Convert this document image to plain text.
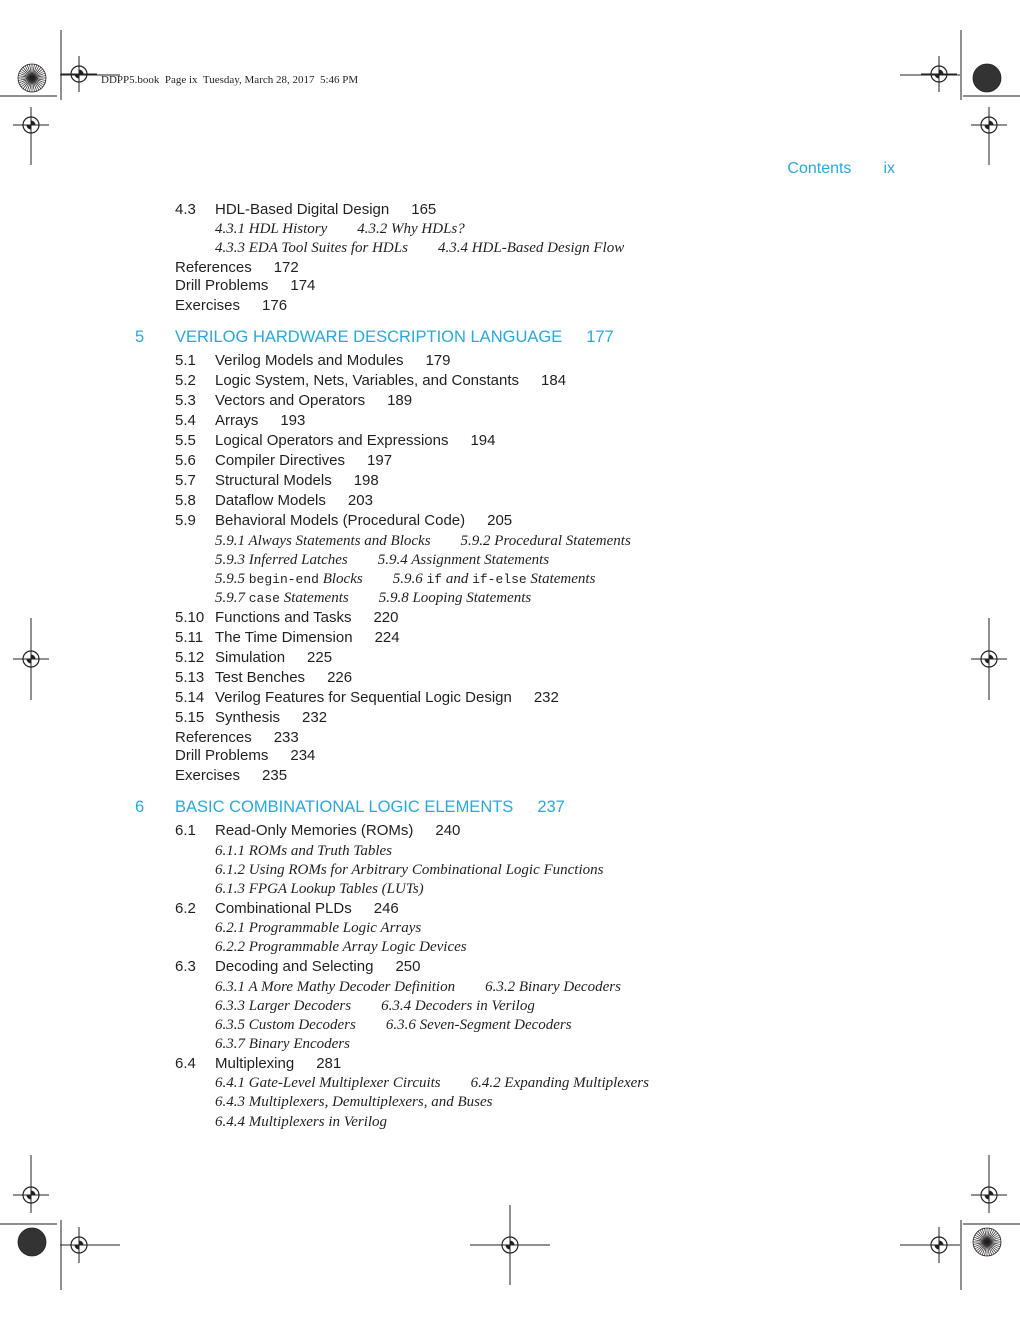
DDPP5.book  Page ix  Tuesday, March 28, 2017  5:46 PM
Contents ix
4.3 HDL-Based Digital Design 165
4.3.1 HDL History 4.3.2 Why HDLs?
4.3.3 EDA Tool Suites for HDLs 4.3.4 HDL-Based Design Flow
References 172
Drill Problems 174
Exercises 176
5 VERILOG HARDWARE DESCRIPTION LANGUAGE 177
5.1 Verilog Models and Modules 179
5.2 Logic System, Nets, Variables, and Constants 184
5.3 Vectors and Operators 189
5.4 Arrays 193
5.5 Logical Operators and Expressions 194
5.6 Compiler Directives 197
5.7 Structural Models 198
5.8 Dataflow Models 203
5.9 Behavioral Models (Procedural Code) 205
5.9.1 Always Statements and Blocks 5.9.2 Procedural Statements
5.9.3 Inferred Latches 5.9.4 Assignment Statements
5.9.5 begin-end Blocks 5.9.6 if and if-else Statements
5.9.7 case Statements 5.9.8 Looping Statements
5.10 Functions and Tasks 220
5.11 The Time Dimension 224
5.12 Simulation 225
5.13 Test Benches 226
5.14 Verilog Features for Sequential Logic Design 232
5.15 Synthesis 232
References 233
Drill Problems 234
Exercises 235
6 BASIC COMBINATIONAL LOGIC ELEMENTS 237
6.1 Read-Only Memories (ROMs) 240
6.1.1 ROMs and Truth Tables
6.1.2 Using ROMs for Arbitrary Combinational Logic Functions
6.1.3 FPGA Lookup Tables (LUTs)
6.2 Combinational PLDs 246
6.2.1 Programmable Logic Arrays
6.2.2 Programmable Array Logic Devices
6.3 Decoding and Selecting 250
6.3.1 A More Mathy Decoder Definition 6.3.2 Binary Decoders
6.3.3 Larger Decoders 6.3.4 Decoders in Verilog
6.3.5 Custom Decoders 6.3.6 Seven-Segment Decoders
6.3.7 Binary Encoders
6.4 Multiplexing 281
6.4.1 Gate-Level Multiplexer Circuits 6.4.2 Expanding Multiplexers
6.4.3 Multiplexers, Demultiplexers, and Buses
6.4.4 Multiplexers in Verilog
